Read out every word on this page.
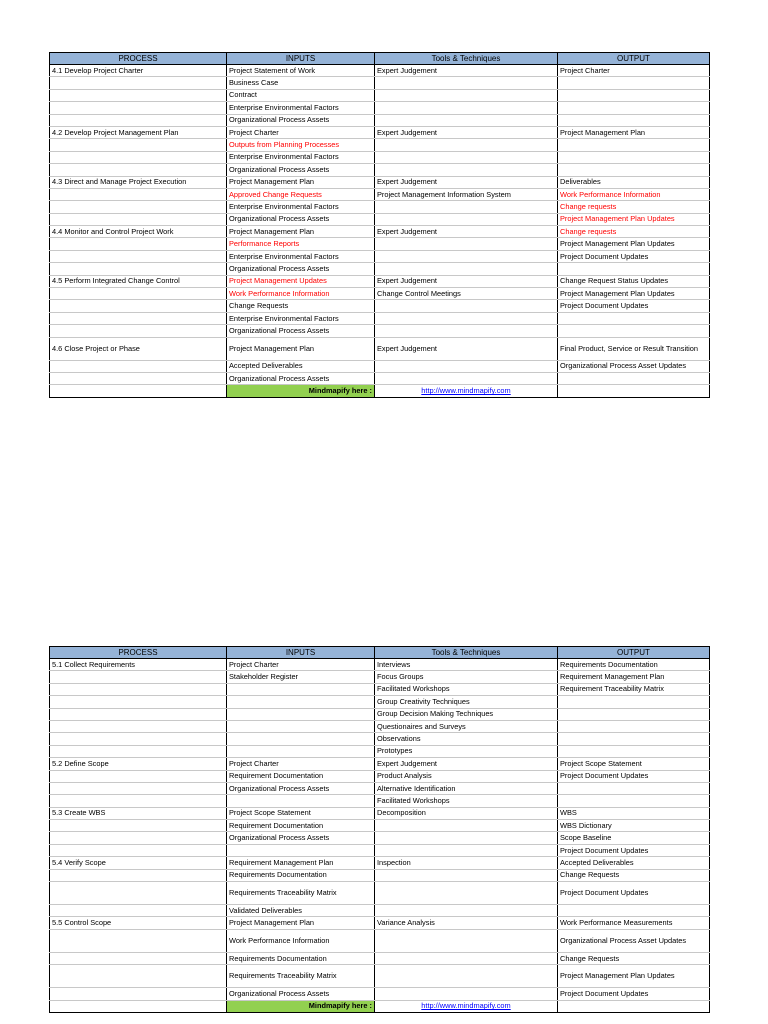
PROCESS	INPUTS	Tools & Techniques	OUTPUT
4.1 Develop Project Charter	Project Statement of Work	Expert Judgement	Project Charter
	Business Case		
	Contract		
	Enterprise Environmental Factors		
	Organizational Process Assets		
4.2 Develop Project Management Plan	Project Charter	Expert Judgement	Project Management Plan
	Outputs from Planning Processes		
	Enterprise Environmental Factors		
	Organizational Process Assets		
4.3 Direct and Manage Project Execution	Project Management Plan	Expert Judgement	Deliverables
	Approved Change Requests	Project Management Information System	Work Performance Information
	Enterprise Environmental Factors		Change requests
	Organizational Process Assets		Project Management Plan Updates
4.4 Monitor and Control Project Work	Project Management Plan	Expert Judgement	Change requests
	Performance Reports		Project Management Plan Updates
	Enterprise Environmental Factors		Project Document Updates
	Organizational Process Assets		
4.5 Perform Integrated Change Control	Project Management Updates	Expert Judgement	Change Request Status Updates
	Work Performance Information	Change Control Meetings	Project Management Plan Updates
	Change Requests		Project Document Updates
	Enterprise Environmental Factors		
	Organizational Process Assets		
4.6 Close Project or Phase	Project Management Plan	Expert Judgement	Final Product, Service or Result Transition
	Accepted Deliverables		Organizational Process Asset Updates
	Organizational Process Assets		
	Mindmapify here :	http://www.mindmapify.com	
PROCESS	INPUTS	Tools & Techniques	OUTPUT
5.1 Collect Requirements	Project Charter	Interviews	Requirements Documentation
	Stakeholder Register	Focus Groups	Requirement Management Plan
		Facilitated Workshops	Requirement Traceability Matrix
		Group Creativity Techniques	
		Group Decision Making Techniques	
		Questionaires and Surveys	
		Observations	
		Prototypes	
5.2 Define Scope	Project Charter	Expert Judgement	Project Scope Statement
	Requirement Documentation	Product Analysis	Project Document Updates
	Organizational Process Assets	Alternative Identification	
		Facilitated Workshops	
5.3 Create WBS	Project Scope Statement	Decomposition	WBS
	Requirement Documentation		WBS Dictionary
	Organizational Process Assets		Scope Baseline
			Project Document Updates
5.4 Verify Scope	Requirement Management Plan	Inspection	Accepted Deliverables
	Requirements Documentation		Change Requests
	Requirements Traceability Matrix		Project Document Updates
	Validated Deliverables		
5.5 Control Scope	Project Management Plan	Variance Analysis	Work Performance Measurements
	Work Performance Information		Organizational Process Asset Updates
	Requirements Documentation		Change Requests
	Requirements Traceability Matrix		Project Management Plan Updates
	Organizational Process Assets		Project Document Updates
	Mindmapify here :	http://www.mindmapify.com	
